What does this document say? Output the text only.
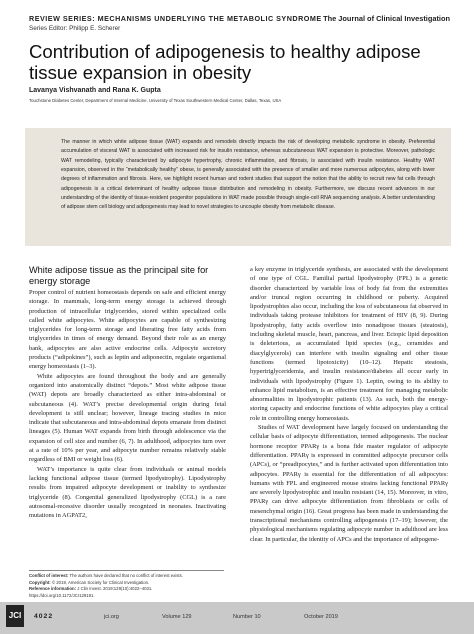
REVIEW SERIES: MECHANISMS UNDERLYING THE METABOLIC SYNDROME
Series Editor: Philipp E. Scherer
The Journal of Clinical Investigation
Contribution of adipogenesis to healthy adipose tissue expansion in obesity
Lavanya Vishvanath and Rana K. Gupta
Touchstone Diabetes Center, Department of Internal Medicine, University of Texas Southwestern Medical Center, Dallas, Texas, USA

The manner in which white adipose tissue (WAT) expands and remodels directly impacts the risk of developing metabolic syndrome in obesity. Preferential accumulation of visceral WAT is associated with increased risk for insulin resistance, whereas subcutaneous WAT expansion is protective. Moreover, pathologic WAT remodeling, typically characterized by adipocyte hypertrophy, chronic inflammation, and fibrosis, is associated with insulin resistance. Healthy WAT expansion, observed in the “metabolically healthy” obese, is generally associated with the presence of smaller and more numerous adipocytes, along with lower degrees of inflammation and fibrosis. Here, we highlight recent human and rodent studies that support the notion that the ability to recruit new fat cells through adipogenesis is a critical determinant of healthy adipose tissue distribution and remodeling in obesity. Furthermore, we discuss recent advances in our understanding of the identity of tissue-resident progenitor populations in WAT made possible through single-cell RNA sequencing analysis. A better understanding of adipose stem cell biology and adipogenesis may lead to novel strategies to uncouple obesity from metabolic disease.

White adipose tissue as the principal site for energy storage

Proper control of nutrient homeostasis depends on safe and efficient energy storage. In mammals, long-term energy storage is achieved through production of intracellular triglycerides, stored within specialized cells called white adipocytes. White adipocytes are capable of synthesizing triglycerides for long-term storage and liberating free fatty acids from triglycerides in times of energy demand. Beyond their role as an energy bank, adipocytes are also active endocrine cells. Adipocyte secretory products (“adipokines”), such as leptin and adiponectin, regulate organismal energy homeostasis (1–3).

White adipocytes are found throughout the body and are generally organized into anatomically distinct “depots.” Most white adipose tissue (WAT) depots are broadly characterized as either intra-abdominal or subcutaneous (4). WAT’s precise developmental origin during fetal development is still unclear; however, lineage tracing studies in mice indicate that subcutaneous and intra-abdominal depots emanate from distinct lineages (5). Human WAT expands from birth through adolescence via the expansion of cell size and number (6, 7). In adulthood, adipocytes turn over at a rate of 10% per year, and adipocyte number remains relatively stable regardless of BMI or weight loss (6).

WAT’s importance is quite clear from individuals or animal models lacking functional adipose tissue (termed lipodystrophy). Lipodystrophy results from impaired adipocyte development or inability to synthesize triglyceride (8). Congenital generalized lipodystrophy (CGL) is a rare autosomal-recessive disorder usually recognized in neonates. Inactivating mutations in AGPAT2,

a key enzyme in triglyceride synthesis, are associated with the development of one type of CGL. Familial partial lipodystrophy (FPL) is a genetic disorder characterized by variable loss of body fat from the extremities and/or truncal region occurring in childhood or puberty. Acquired lipodystrophies also occur, including the loss of subcutaneous fat observed in individuals taking protease inhibitors for treatment of HIV (8, 9). During lipodystrophy, fatty acids overflow into nonadipose tissues (steatosis), including skeletal muscle, heart, pancreas, and liver. Ectopic lipid deposition is deleterious, as accumulated lipid species (e.g., ceramides and diacylglycerols) can interfere with insulin signaling and other tissue functions (termed lipotoxicity) (10–12). Hepatic steatosis, hypertriglyceridemia, and insulin resistance/diabetes all occur early in individuals with lipodystrophy (Figure 1). Leptin, owing to its ability to enhance lipid metabolism, is an effective treatment for managing metabolic abnormalities in lipodystrophic patients (13). As such, both the energy-storing capacity and endocrine functions of white adipocytes play a critical role in controlling energy homeostasis.

Studies of WAT development have largely focused on understanding the cellular basis of adipocyte differentiation, termed adipogenesis. The nuclear hormone receptor PPARγ is a bona fide master regulator of adipocyte differentiation. PPARγ is expressed in committed adipocyte precursor cells (APCs), or “preadipocytes,” and is further activated upon differentiation into adipocytes. PPARγ is essential for the differentiation of all adipocytes: humans with FPL and engineered mouse strains lacking functional PPARγ are severely lipodystrophic and insulin resistant (14, 15). Moreover, in vitro, PPARγ can drive adipocyte differentiation from fibroblasts or cells of mesenchymal origin (16). Great progress has been made in understanding the transcriptional mechanisms controlling adipogenesis (17–19); however, the physiological mechanisms regulating adipocyte number in adulthood are less clear. In particular, the identity of APCs and the importance of adipogene-

Conflict of interest: The authors have declared that no conflict of interest exists.
Copyright: © 2019, American Society for Clinical Investigation.
Reference information: J Clin Invest. 2019;129(10):4022–4031.
https://doi.org/10.1172/JCI129191.
JCI	4022	jci.org	Volume 129	Number 10	October 2019
